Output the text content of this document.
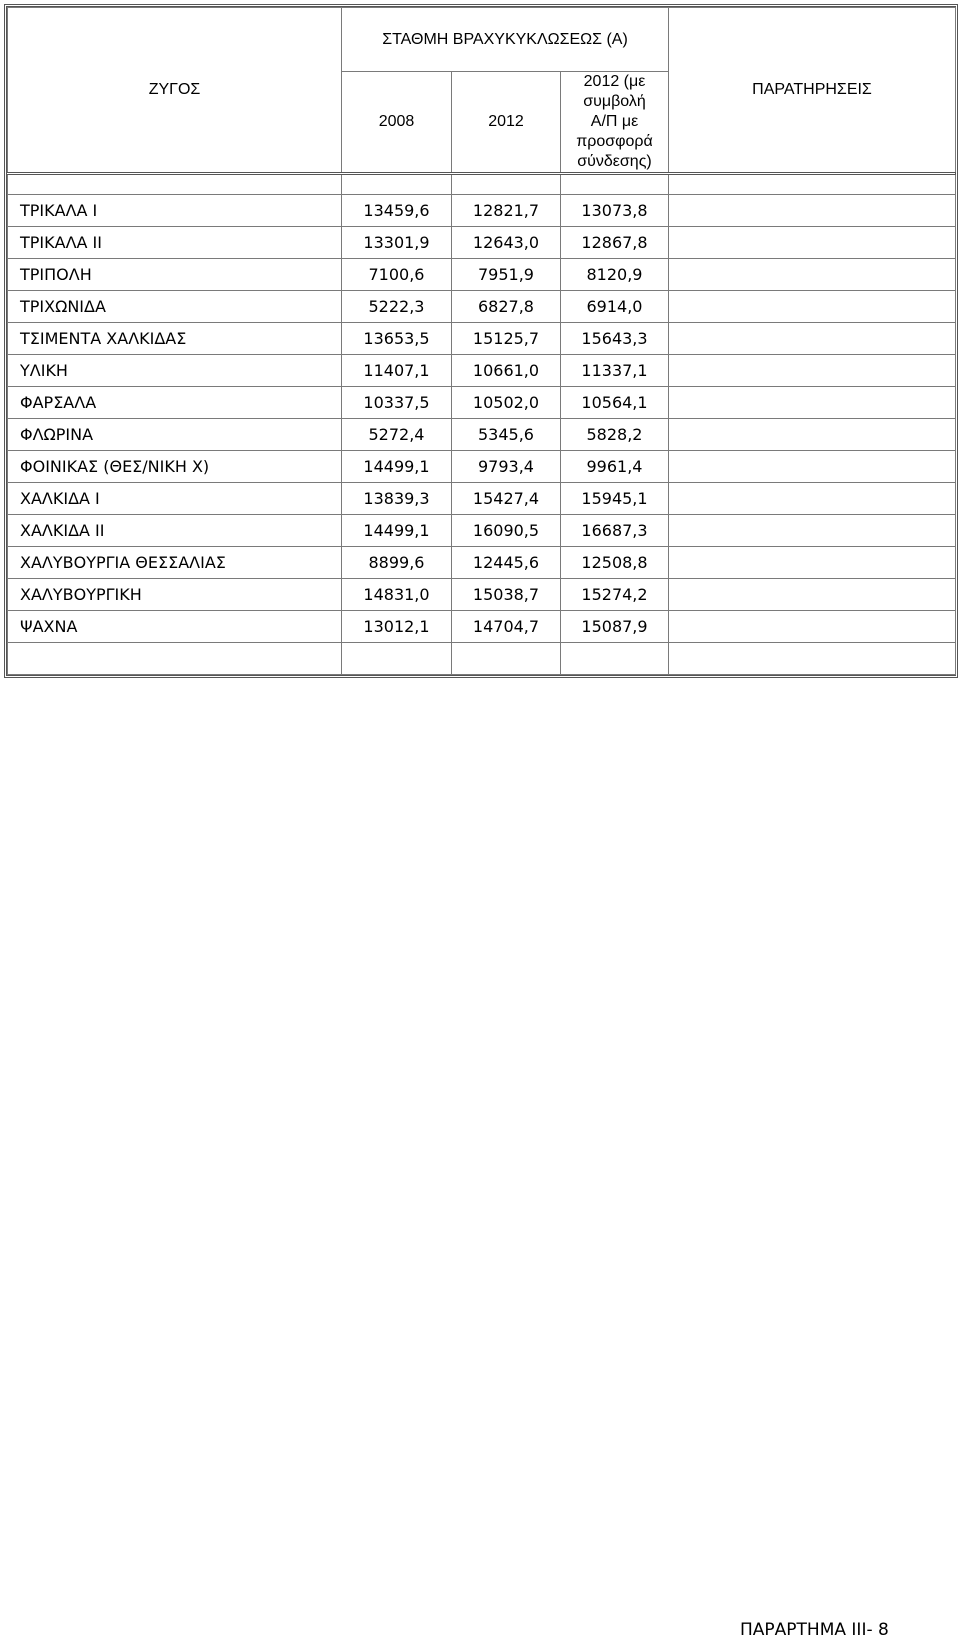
ΖΥΓΟΣ	ΣΤΑΘΜΗ ΒΡΑΧΥΚΥΚΛΩΣΕΩΣ (Α)			ΠΑΡΑΤΗΡΗΣΕΙΣ
	2008	2012	2012 (με
συμβολή
Α/Π με
προσφορά
σύνδεσης)	

ΤΡΙΚΑΛΑ Ι	13459,6	12821,7	13073,8	
ΤΡΙΚΑΛΑ ΙΙ	13301,9	12643,0	12867,8	
ΤΡΙΠΟΛΗ	7100,6	7951,9	8120,9	
ΤΡΙΧΩΝΙΔΑ	5222,3	6827,8	6914,0	
ΤΣΙΜΕΝΤΑ ΧΑΛΚΙΔΑΣ	13653,5	15125,7	15643,3	
ΥΛΙΚΗ	11407,1	10661,0	11337,1	
ΦΑΡΣΑΛΑ	10337,5	10502,0	10564,1	
ΦΛΩΡΙΝΑ	5272,4	5345,6	5828,2	
ΦΟΙΝΙΚΑΣ (ΘΕΣ/ΝΙΚΗ Χ)	14499,1	9793,4	9961,4	
ΧΑΛΚΙΔΑ Ι	13839,3	15427,4	15945,1	
ΧΑΛΚΙΔΑ ΙΙ	14499,1	16090,5	16687,3	
ΧΑΛΥΒΟΥΡΓΙΑ ΘΕΣΣΑΛΙΑΣ	8899,6	12445,6	12508,8	
ΧΑΛΥΒΟΥΡΓΙΚΗ	14831,0	15038,7	15274,2	
ΨΑΧΝΑ	13012,1	14704,7	15087,9	

ΠΑΡΑΡΤΗΜΑ ΙΙΙ- 8
